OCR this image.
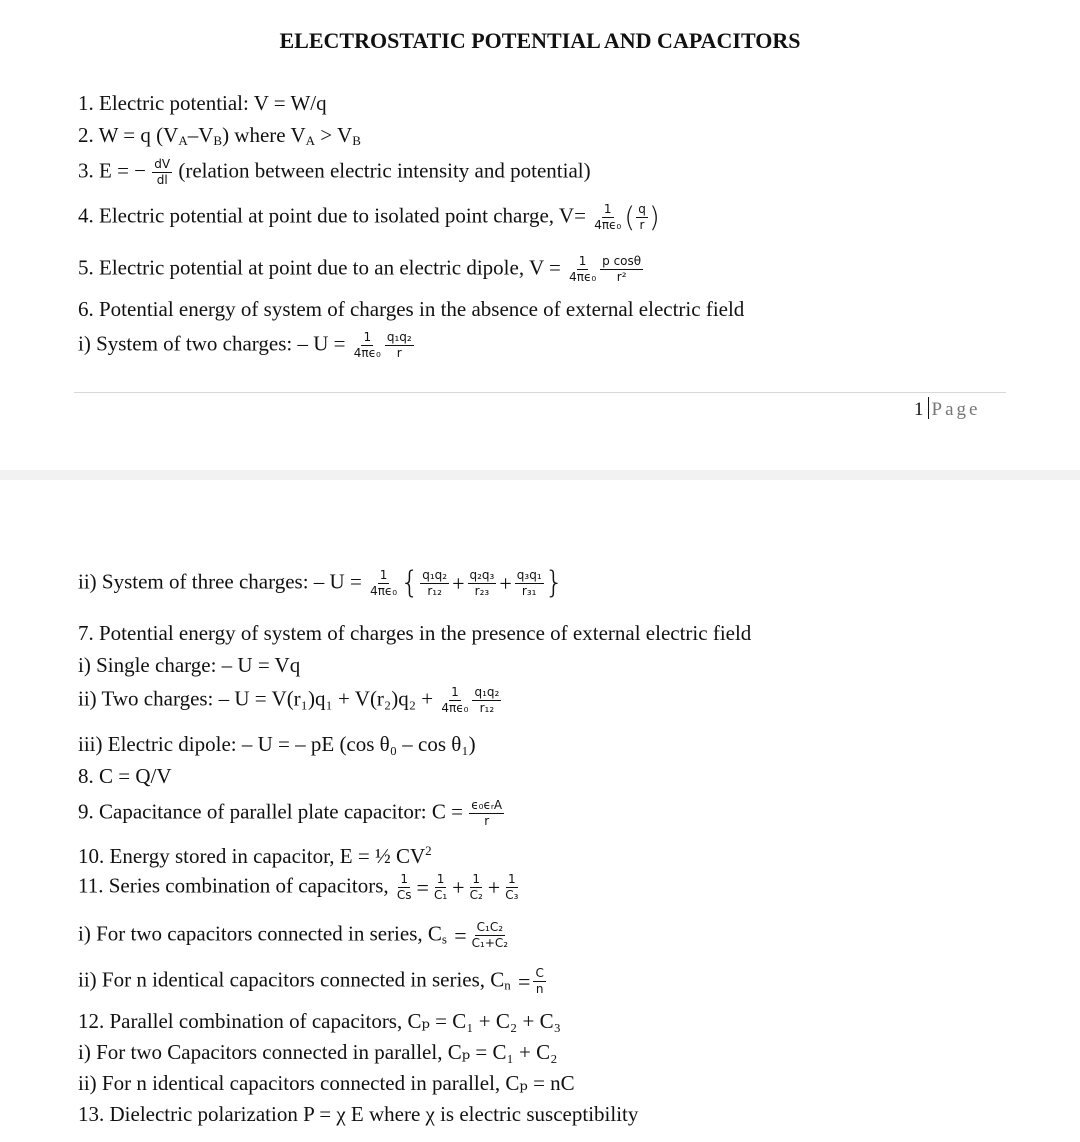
ELECTROSTATIC POTENTIAL AND CAPACITORS
1. Electric potential: V = W/q
2. W = q $(V_A-V_B)$ where $V_A > V_B$
3. E = − $\frac{dV}{dl}$ (relation between electric intensity and potential)
4. Electric potential at point due to isolated point charge, $V= \frac{1}{\text{4πϵ₀}}$ ( $\frac{q}{r}$ )
5. Electric potential at point due to an electric dipole, $V = \frac{1}{\text{4πϵ₀}} \frac{\text{p cosθ}}{\text{r²}}$
6. Potential energy of system of charges in the absence of external electric field
i) System of two charges: – $U = \frac{1}{\text{4πϵ₀}} \frac{\text{q₁q₂}}{r}$
1 Page
ii) System of three charges: – $U = \frac{1}{\text{4πϵ₀}}$ { $\frac{\text{q₁q₂}}{\text{r₁₂}} + \frac{\text{q₂q₃}}{\text{r₂₃}} + \frac{\text{q₃q₁}}{\text{r₃₁}}$ }
7. Potential energy of system of charges in the presence of external electric field
i) Single charge: – U = Vq
ii) Two charges: – $U = V(r_1)q_1 + V(r_2)q_2 + \frac{1}{\text{4πϵ₀}} \frac{\text{q₁q₂}}{\text{r₁₂}}$
iii) Electric dipole: – U = – pE (cos θ₀ – cos θ₁)
8. C = Q/V
9. Capacitance of parallel plate capacitor: $C = \frac{\text{ϵ₀ϵᵣA}}{r}$
10. Energy stored in capacitor, E = ½ $CV^2$
11. Series combination of capacitors, $\frac{1}{Cs} = \frac{1}{\text{C₁}} + \frac{1}{\text{C₂}} + \frac{1}{\text{C₃}}$
i) For two capacitors connected in series, $C_s = \frac{\text{C₁C₂}}{\text{C₁+C₂}}$
ii) For n identical capacitors connected in series, $C_n = \frac{C}{n}$
12. Parallel combination of capacitors, Cₚ = C₁ + C₂ + C₃
i) For two Capacitors connected in parallel, Cₚ = C₁ + C₂
ii) For n identical capacitors connected in parallel, Cₚ = nC
13. Dielectric polarization P = χ E where χ is electric susceptibility
